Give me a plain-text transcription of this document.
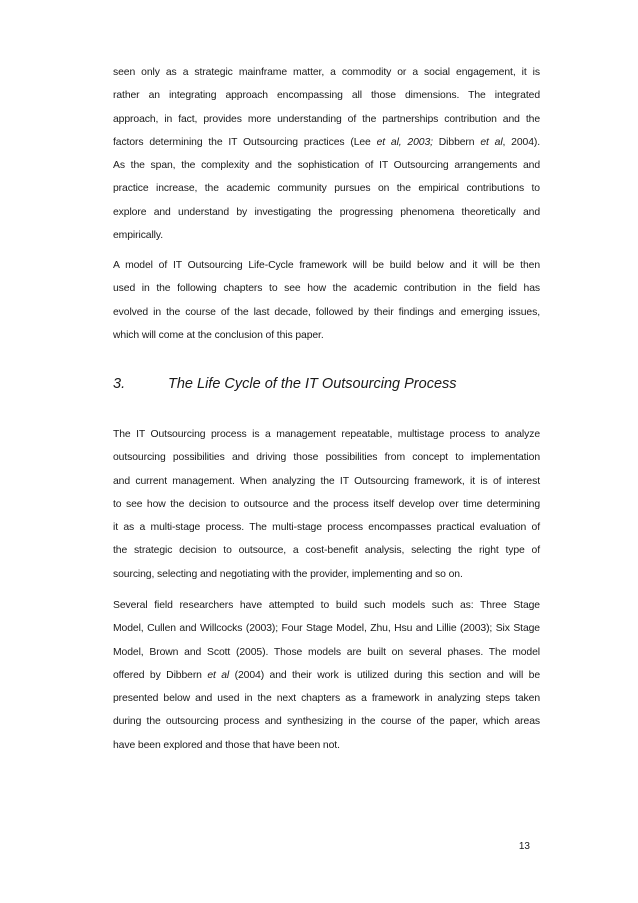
seen only as a strategic mainframe matter, a commodity or a social engagement, it is
rather an integrating approach encompassing all those dimensions. The integrated
approach, in fact, provides more understanding of the partnerships contribution and the
factors determining the IT Outsourcing practices (Lee et al, 2003; Dibbern et al, 2004).
As the span, the complexity and the sophistication of IT Outsourcing arrangements and
practice increase, the academic community pursues on the empirical contributions to
explore and understand by investigating the progressing phenomena theoretically and
empirically.
A model of IT Outsourcing Life-Cycle framework will be build below and it will be then
used in the following chapters to see how the academic contribution in the field has
evolved in the course of the last decade, followed by their findings and emerging issues,
which will come at the conclusion of this paper.
3.	The Life Cycle of the IT Outsourcing Process
The IT Outsourcing process is a management repeatable, multistage process to analyze
outsourcing possibilities and driving those possibilities from concept to implementation
and current management. When analyzing the IT Outsourcing framework, it is of interest
to see how the decision to outsource and the process itself develop over time determining
it as a multi-stage process. The multi-stage process encompasses practical evaluation of
the strategic decision to outsource, a cost-benefit analysis, selecting the right type of
sourcing, selecting and negotiating with the provider, implementing and so on.
Several field researchers have attempted to build such models such as: Three Stage
Model, Cullen and Willcocks (2003); Four Stage Model, Zhu, Hsu and Lillie (2003); Six Stage
Model, Brown and Scott (2005). Those models are built on several phases. The model
offered by Dibbern et al (2004) and their work is utilized during this section and will be
presented below and used in the next chapters as a framework in analyzing steps taken
during the outsourcing process and synthesizing in the course of the paper, which areas
have been explored and those that have been not.
13
